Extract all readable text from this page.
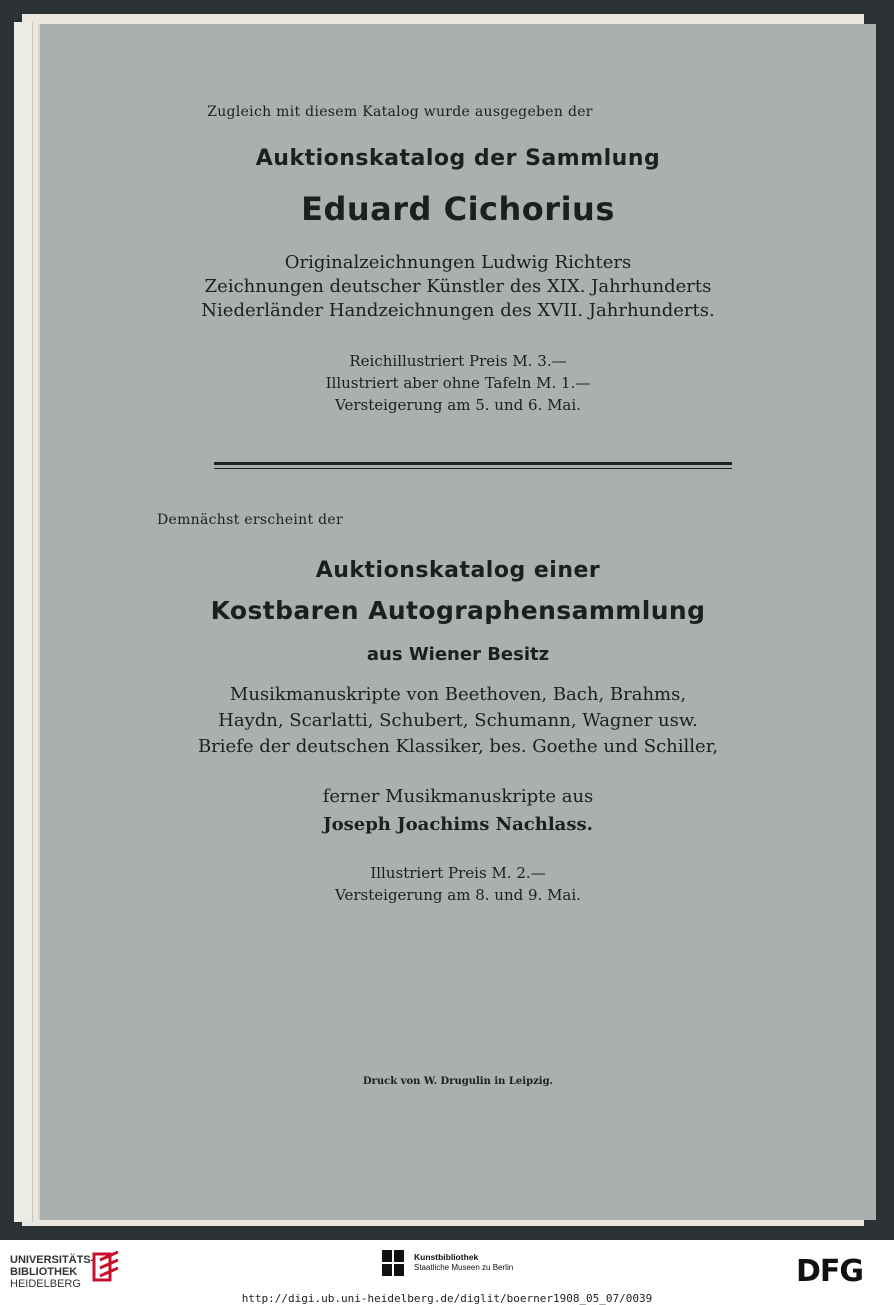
Zugleich mit diesem Katalog wurde ausgegeben der
Auktionskatalog der Sammlung
Eduard Cichorius
Originalzeichnungen Ludwig Richters
Zeichnungen deutscher Künstler des XIX. Jahrhunderts
Niederländer Handzeichnungen des XVII. Jahrhunderts.
Reichillustriert Preis M. 3.—
Illustriert aber ohne Tafeln M. 1.—
Versteigerung am 5. und 6. Mai.
Demnächst erscheint der
Auktionskatalog einer
Kostbaren Autographensammlung
aus Wiener Besitz
Musikmanuskripte von Beethoven, Bach, Brahms,
Haydn, Scarlatti, Schubert, Schumann, Wagner usw.
Briefe der deutschen Klassiker, bes. Goethe und Schiller,
ferner Musikmanuskripte aus
Joseph Joachims Nachlass.
Illustriert Preis M. 2.—
Versteigerung am 8. und 9. Mai.
Druck von W. Drugulin in Leipzig.
UNIVERSITÄTS-
BIBLIOTHEK
HEIDELBERG
Kunstbibliothek
Staatliche Museen zu Berlin	DFG
http://digi.ub.uni-heidelberg.de/diglit/boerner1908_05_07/0039
